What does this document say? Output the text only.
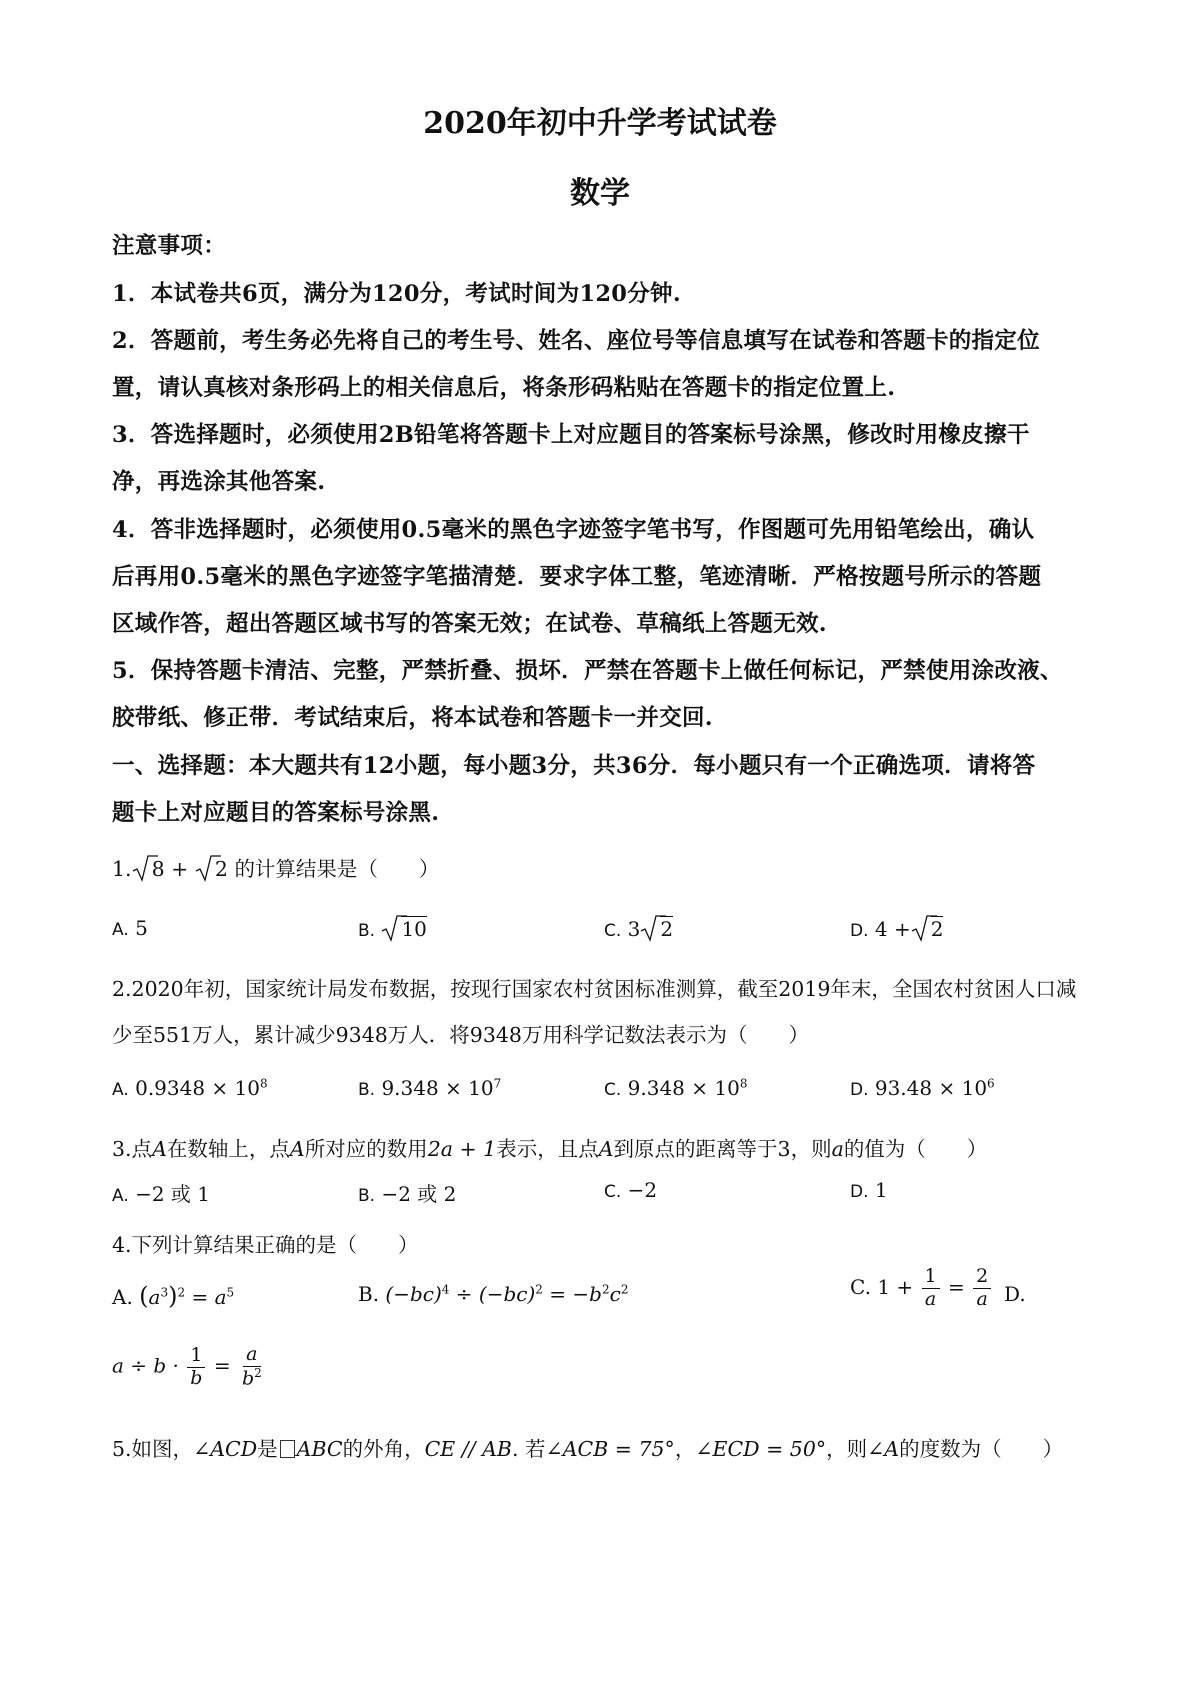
2020年初中升学考试试卷
数学
注意事项：
1．本试卷共6页，满分为120分，考试时间为120分钟.
2．答题前，考生务必先将自己的考生号、姓名、座位号等信息填写在试卷和答题卡的指定位
置，请认真核对条形码上的相关信息后，将条形码粘贴在答题卡的指定位置上.
3．答选择题时，必须使用2B铅笔将答题卡上对应题目的答案标号涂黑，修改时用橡皮擦干
净，再选涂其他答案.
4．答非选择题时，必须使用0.5毫米的黑色字迹签字笔书写，作图题可先用铅笔绘出，确认
后再用0.5毫米的黑色字迹签字笔描清楚．要求字体工整，笔迹清晰．严格按题号所示的答题
区域作答，超出答题区域书写的答案无效；在试卷、草稿纸上答题无效.
5．保持答题卡清洁、完整，严禁折叠、损坏．严禁在答题卡上做任何标记，严禁使用涂改液、
胶带纸、修正带．考试结束后，将本试卷和答题卡一并交回.
一、选择题：本大题共有12小题，每小题3分，共36分．每小题只有一个正确选项．请将答
题卡上对应题目的答案标号涂黑.
1. 8 + 2 的计算结果是（　　）
A. 5	B. 10	C. 3 2	D. 4 + 2
2.2020年初，国家统计局发布数据，按现行国家农村贫困标准测算，截至2019年末，全国农村贫困人口减
少至551万人，累计减少9348万人．将9348万用科学记数法表示为（　　）
A. $0.9348 \times 10^8$	B. $9.348 \times 10^7$	C. $9.348 \times 10^8$	D. $93.48 \times 10^6$
3.点A在数轴上，点A所对应的数用2a + 1表示，且点A到原点的距离等于3，则a的值为（　　）
A. −2 或 1	B. −2 或 2	C. −2	D. 1
4.下列计算结果正确的是（　　）
A. $(a^3)^2 = a^5$	B. $(-bc)^4 \div (-bc)^2 = -b^2c^2$	C. $1 + \frac{1}{a} = \frac{2}{a} D$.
$a \div b \cdot \frac{1}{b} = \frac{a}{b^2}$
5.如图，∠ACD是 ABC的外角，CE // AB. 若∠ACB = 75°，∠ECD = 50°，则∠A的度数为（　　）
